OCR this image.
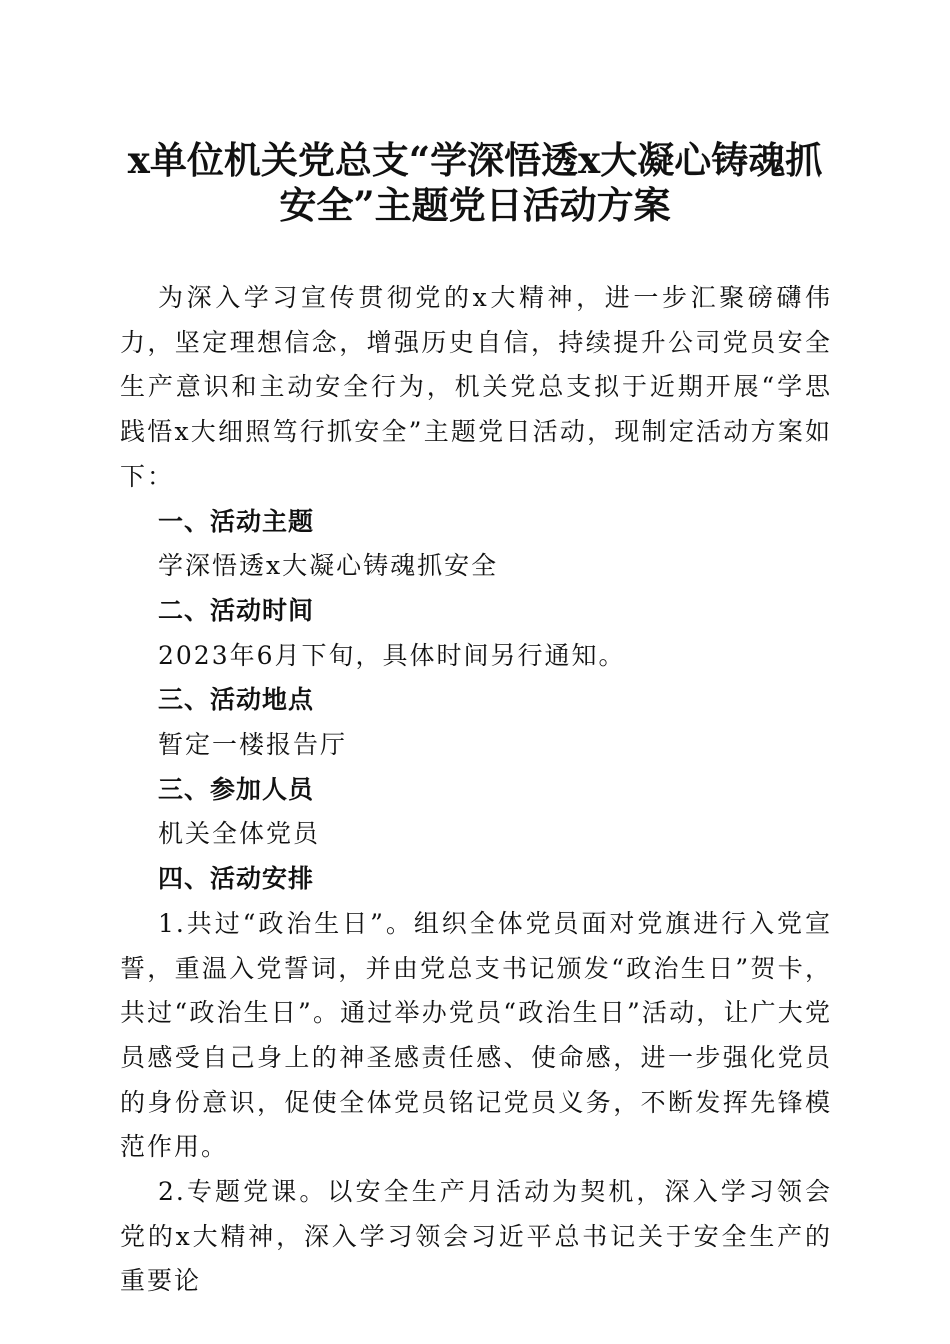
x单位机关党总支“学深悟透x大凝心铸魂抓
安全”主题党日活动方案

为深入学习宣传贯彻党的x大精神，进一步汇聚磅礴伟力，坚定理想信念，增强历史自信，持续提升公司党员安全生产意识和主动安全行为，机关党总支拟于近期开展“学思践悟x大细照笃行抓安全”主题党日活动，现制定活动方案如下：

一、活动主题

学深悟透x大凝心铸魂抓安全

二、活动时间

2023年6月下旬，具体时间另行通知。

三、活动地点

暂定一楼报告厅

三、参加人员

机关全体党员

四、活动安排

1.共过“政治生日”。组织全体党员面对党旗进行入党宣誓，重温入党誓词，并由党总支书记颁发“政治生日”贺卡，共过“政治生日”。通过举办党员“政治生日”活动，让广大党员感受自己身上的神圣感责任感、使命感，进一步强化党员的身份意识，促使全体党员铭记党员义务，不断发挥先锋模范作用。

2.专题党课。以安全生产月活动为契机，深入学习领会党的x大精神，深入学习领会习近平总书记关于安全生产的重要论
